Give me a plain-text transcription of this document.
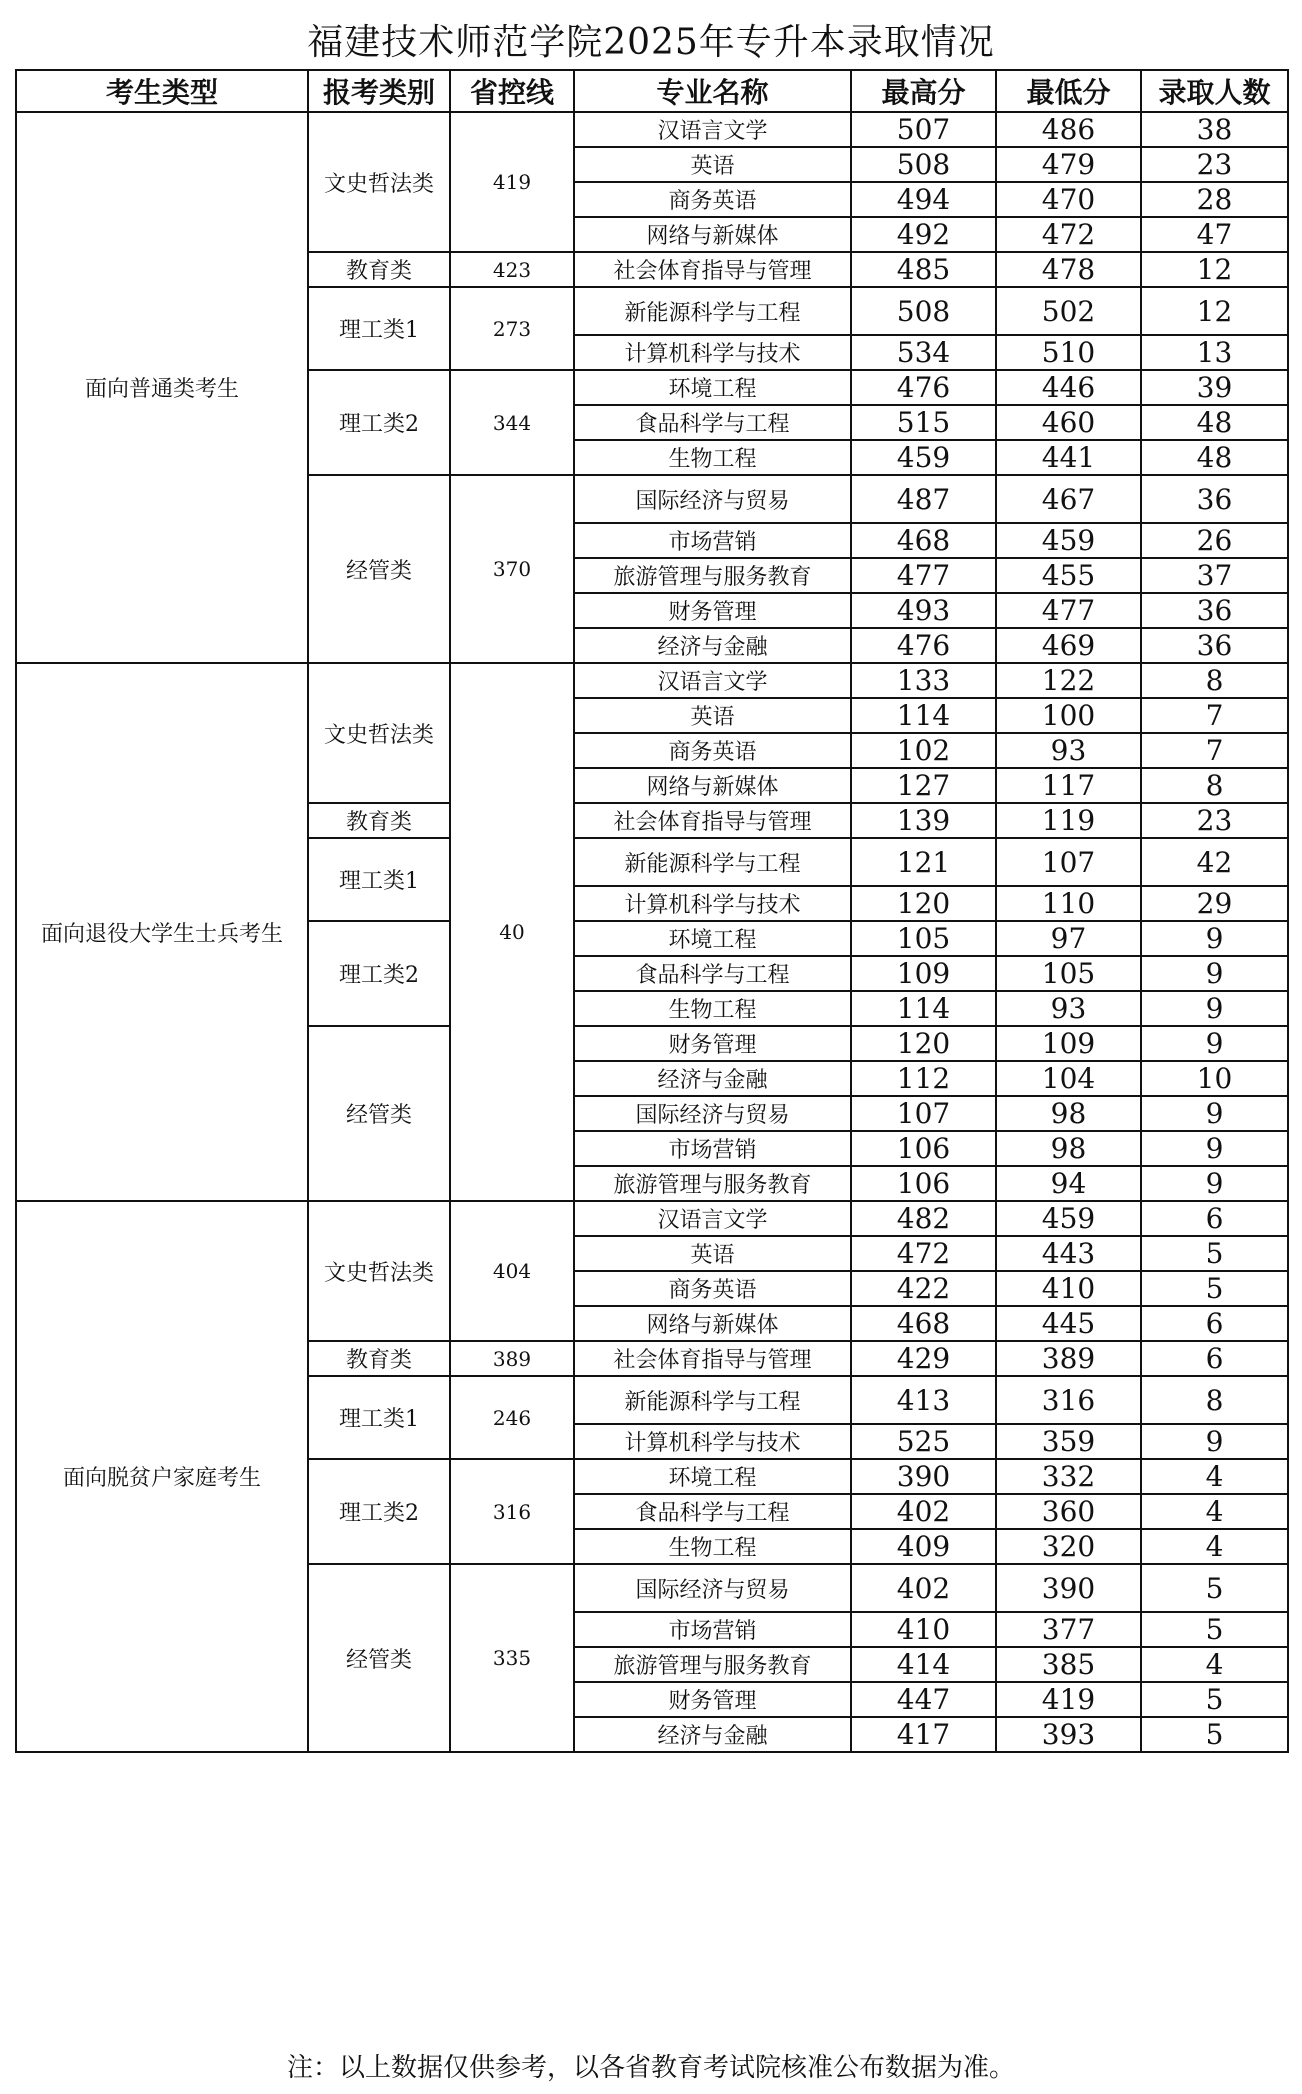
福建技术师范学院2025年专升本录取情况
考生类型	报考类别	省控线	专业名称	最高分	最低分	录取人数
面向普通类考生	文史哲法类	419	汉语言文学	507	486	38
			英语	508	479	23
			商务英语	494	470	28
			网络与新媒体	492	472	47
	教育类	423	社会体育指导与管理	485	478	12
	理工类1	273	新能源科学与工程	508	502	12
			计算机科学与技术	534	510	13
	理工类2	344	环境工程	476	446	39
			食品科学与工程	515	460	48
			生物工程	459	441	48
	经管类	370	国际经济与贸易	487	467	36
			市场营销	468	459	26
			旅游管理与服务教育	477	455	37
			财务管理	493	477	36
			经济与金融	476	469	36
面向退役大学生士兵考生	文史哲法类	40	汉语言文学	133	122	8
			英语	114	100	7
			商务英语	102	93	7
			网络与新媒体	127	117	8
	教育类		社会体育指导与管理	139	119	23
	理工类1		新能源科学与工程	121	107	42
			计算机科学与技术	120	110	29
	理工类2		环境工程	105	97	9
			食品科学与工程	109	105	9
			生物工程	114	93	9
	经管类		财务管理	120	109	9
			经济与金融	112	104	10
			国际经济与贸易	107	98	9
			市场营销	106	98	9
			旅游管理与服务教育	106	94	9
面向脱贫户家庭考生	文史哲法类	404	汉语言文学	482	459	6
			英语	472	443	5
			商务英语	422	410	5
			网络与新媒体	468	445	6
	教育类	389	社会体育指导与管理	429	389	6
	理工类1	246	新能源科学与工程	413	316	8
			计算机科学与技术	525	359	9
	理工类2	316	环境工程	390	332	4
			食品科学与工程	402	360	4
			生物工程	409	320	4
	经管类	335	国际经济与贸易	402	390	5
			市场营销	410	377	5
			旅游管理与服务教育	414	385	4
			财务管理	447	419	5
			经济与金融	417	393	5
注：以上数据仅供参考，以各省教育考试院核准公布数据为准。
